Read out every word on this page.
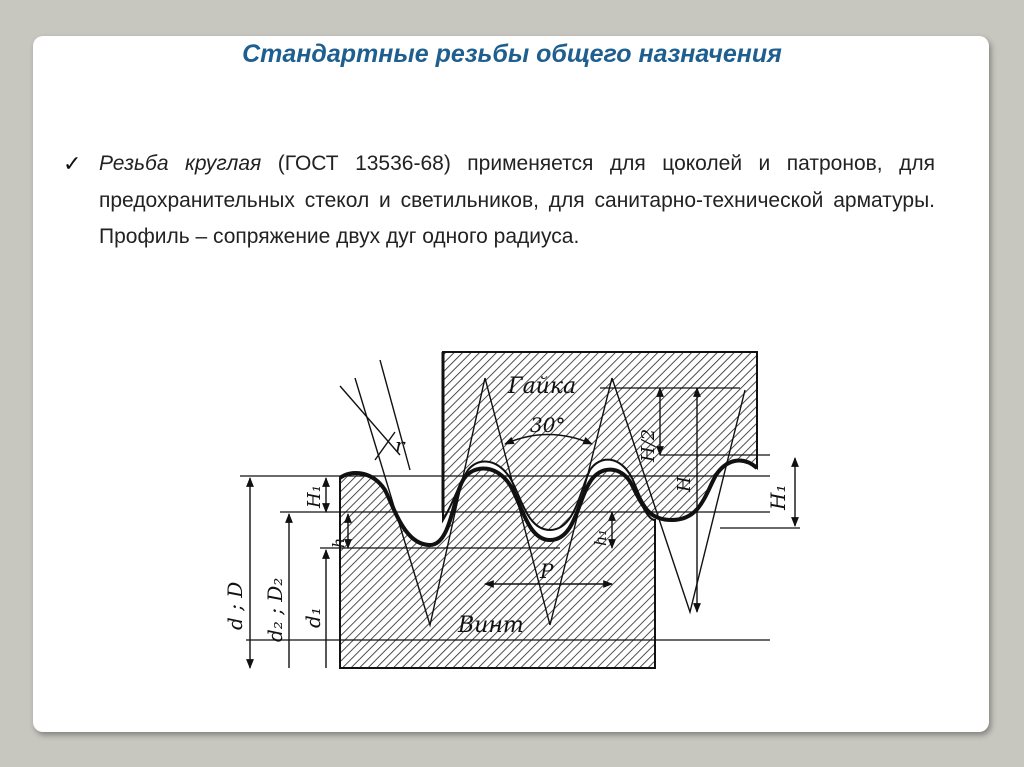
Стандартные резьбы общего назначения
✓ Резьба круглая (ГОСТ 13536-68) применяется для цоколей и патронов, для предохранительных стекол и светильников, для санитарно-технической арматуры. Профиль – сопряжение двух дуг одного радиуса.
Гайка
Винт
30°
P
r
H₁
h
d ; D d₂ ; D₂ d₁
H/2
H
h₁
H₁
